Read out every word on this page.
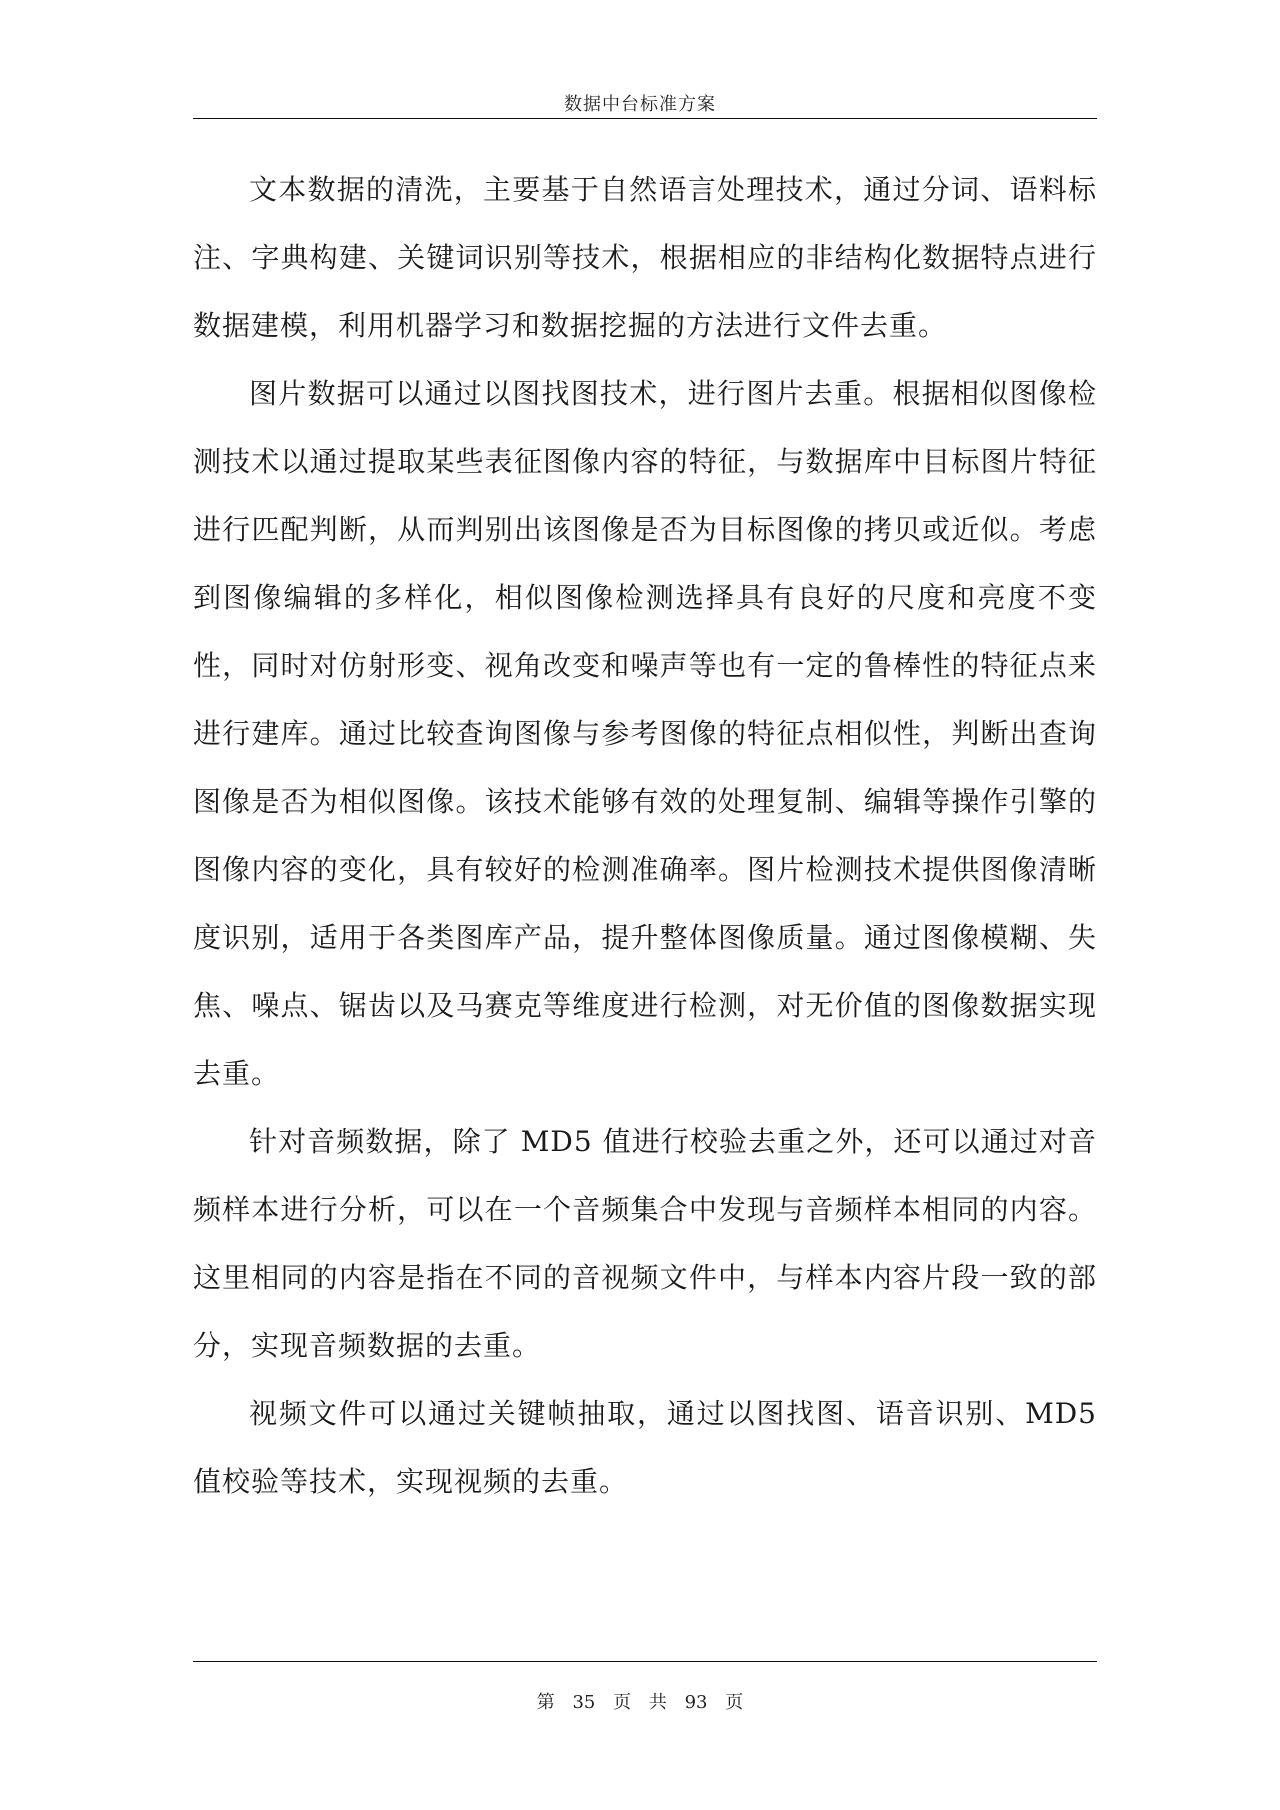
数据中台标准方案

文本数据的清洗，主要基于自然语言处理技术，通过分词、语料标注、字典构建、关键词识别等技术，根据相应的非结构化数据特点进行数据建模，利用机器学习和数据挖掘的方法进行文件去重。

图片数据可以通过以图找图技术，进行图片去重。根据相似图像检测技术以通过提取某些表征图像内容的特征，与数据库中目标图片特征进行匹配判断，从而判别出该图像是否为目标图像的拷贝或近似。考虑到图像编辑的多样化，相似图像检测选择具有良好的尺度和亮度不变性，同时对仿射形变、视角改变和噪声等也有一定的鲁棒性的特征点来进行建库。通过比较查询图像与参考图像的特征点相似性，判断出查询图像是否为相似图像。该技术能够有效的处理复制、编辑等操作引擎的图像内容的变化，具有较好的检测准确率。图片检测技术提供图像清晰度识别，适用于各类图库产品，提升整体图像质量。通过图像模糊、失焦、噪点、锯齿以及马赛克等维度进行检测，对无价值的图像数据实现去重。

针对音频数据，除了 MD5 值进行校验去重之外，还可以通过对音频样本进行分析，可以在一个音频集合中发现与音频样本相同的内容。这里相同的内容是指在不同的音视频文件中，与样本内容片段一致的部分，实现音频数据的去重。

视频文件可以通过关键帧抽取，通过以图找图、语音识别、MD5 值校验等技术，实现视频的去重。

第 35 页 共 93 页
